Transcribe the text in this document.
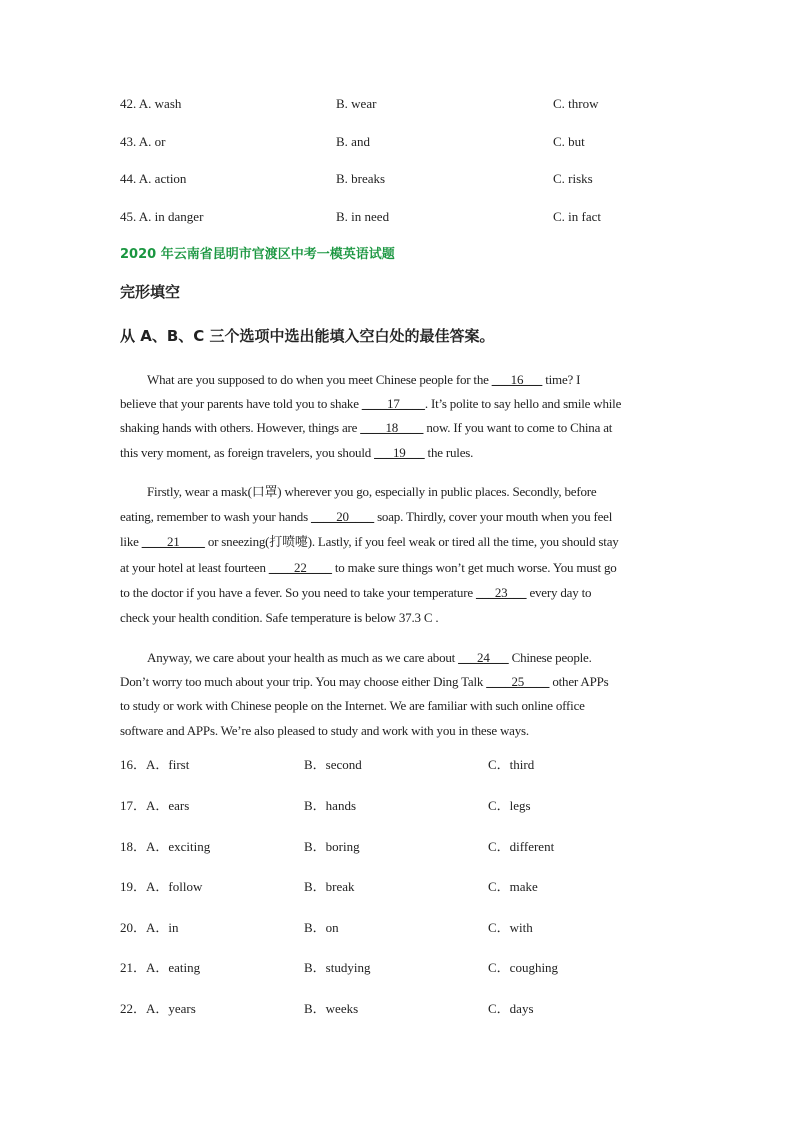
42. A. wash	B. wear	C. throw
43. A. or	B. and	C. but
44. A. action	B. breaks	C. risks
45. A. in danger	B. in need	C. in fact
2020 年云南省昆明市官渡区中考一模英语试题
完形填空
从 A、B、C 三个选项中选出能填入空白处的最佳答案。

What are you supposed to do when you meet Chinese people for the ___16___ time? I

believe that your parents have told you to shake ____17____. It’s polite to say hello and smile while

shaking hands with others. However, things are ____18____ now. If you want to come to China at

this very moment, as foreign travelers, you should ___19___ the rules.

Firstly, wear a mask(口罩) wherever you go, especially in public places. Secondly, before

eating, remember to wash your hands ____20____ soap. Thirdly, cover your mouth when you feel

like ____21____ or sneezing(打喷嚏). Lastly, if you feel weak or tired all the time, you should stay

at your hotel at least fourteen ____22____ to make sure things won’t get much worse. You must go

to the doctor if you have a fever. So you need to take your temperature ___23___ every day to

check your health condition. Safe temperature is below 37.3 C .

Anyway, we care about your health as much as we care about ___24___ Chinese people.

Don’t worry too much about your trip. You may choose either Ding Talk ____25____ other APPs

to study or work with Chinese people on the Internet. We are familiar with such online office

software and APPs. We’re also pleased to study and work with you in these ways.

16．A．first	B．second	C．third
17．A．ears	B．hands	C．legs
18．A．exciting	B．boring	C．different
19．A．follow	B．break	C．make
20．A．in	B．on	C．with
21．A．eating	B．studying	C．coughing
22．A．years	B．weeks	C．days
